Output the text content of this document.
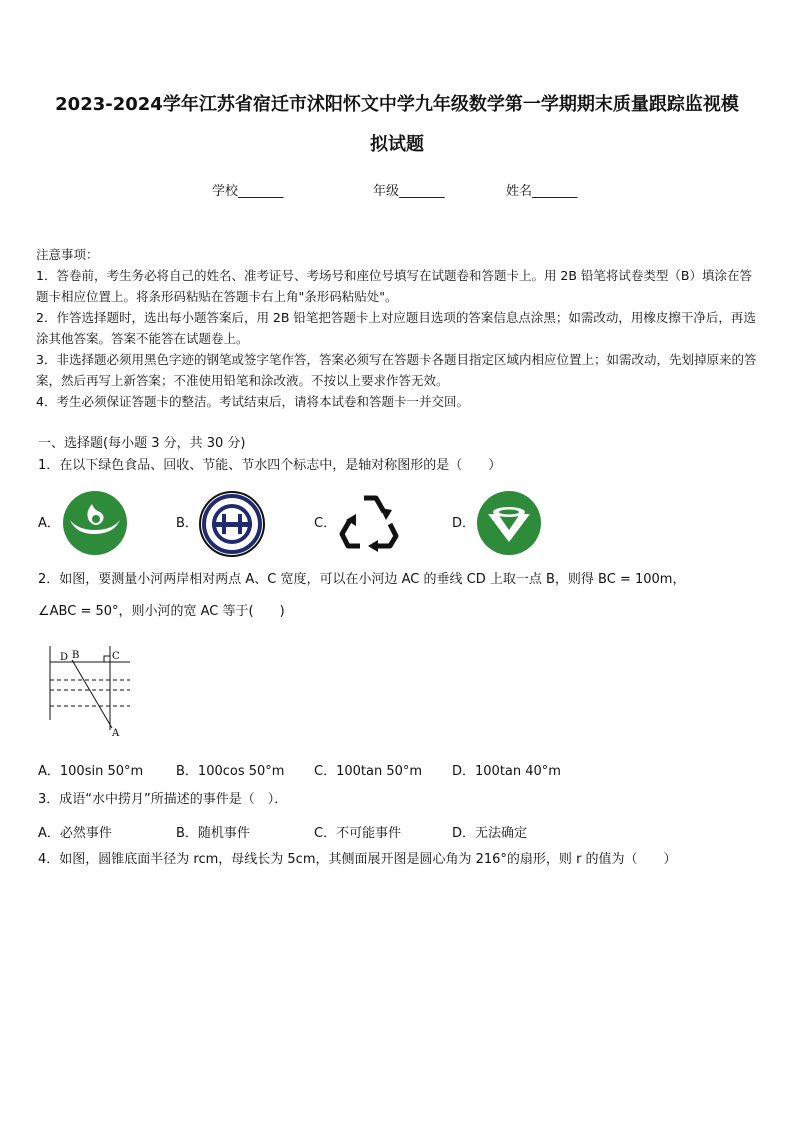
2023-2024学年江苏省宿迁市沭阳怀文中学九年级数学第一学期期末质量跟踪监视模
拟试题
学校_______	年级_______	姓名_______

注意事项：

1．答卷前，考生务必将自己的姓名、准考证号、考场号和座位号填写在试题卷和答题卡上。用 2B 铅笔将试卷类型（B）填涂在答题卡相应位置上。将条形码粘贴在答题卡右上角"条形码粘贴处"。

2．作答选择题时，选出每小题答案后，用 2B 铅笔把答题卡上对应题目选项的答案信息点涂黑；如需改动，用橡皮擦干净后，再选涂其他答案。答案不能答在试题卷上。

3．非选择题必须用黑色字迹的钢笔或签字笔作答，答案必须写在答题卡各题目指定区域内相应位置上；如需改动，先划掉原来的答案，然后再写上新答案；不准使用铅笔和涂改液。不按以上要求作答无效。

4．考生必须保证答题卡的整洁。考试结束后，请将本试卷和答题卡一并交回。

一、选择题(每小题 3 分，共 30 分)

1．在以下绿色食品、回收、节能、节水四个标志中，是轴对称图形的是（　　）

A．	B．	C．	D．

2．如图，要测量小河两岸相对两点 A、C 宽度，可以在小河边 AC 的垂线 CD 上取一点 B，则得 BC = 100m，

∠ABC = 50°，则小河的宽 AC 等于(　　)

D B	C
A
A．100sin 50°m	B．100cos 50°m C．100tan 50°m D．100tan 40°m

3．成语“水中捞月”所描述的事件是（　）．

A．必然事件	B．随机事件	C．不可能事件	D．无法确定

4．如图，圆锥底面半径为 rcm，母线长为 5cm，其侧面展开图是圆心角为 216°的扇形，则 r 的值为（　　）
